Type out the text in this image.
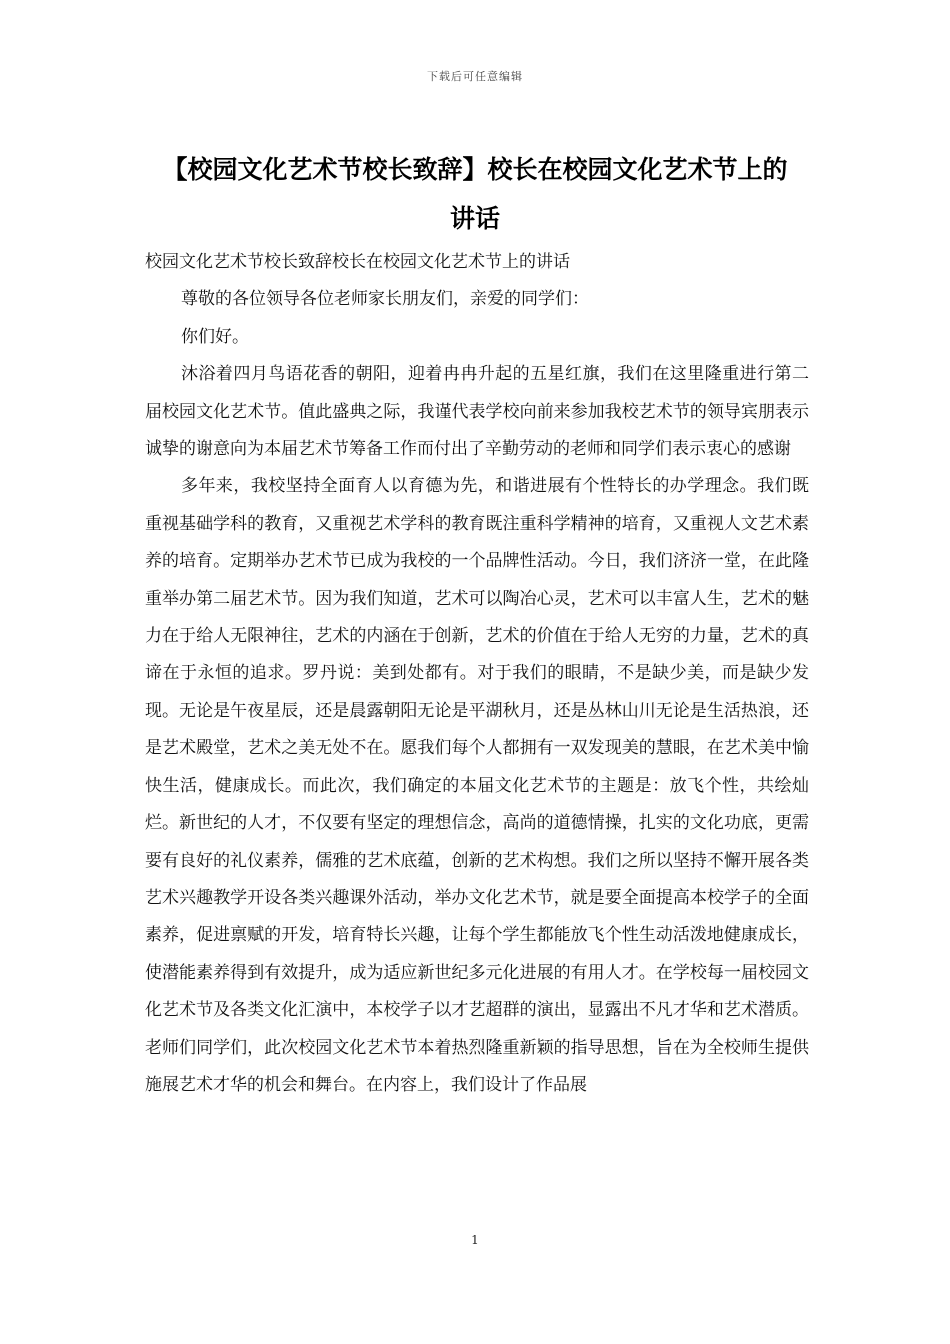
下载后可任意编辑
【校园文化艺术节校长致辞】校长在校园文化艺术节上的
讲话

校园文化艺术节校长致辞校长在校园文化艺术节上的讲话

尊敬的各位领导各位老师家长朋友们，亲爱的同学们：

你们好。

沐浴着四月鸟语花香的朝阳，迎着冉冉升起的五星红旗，我们在这里隆重进行第二届校园文化艺术节。值此盛典之际，我谨代表学校向前来参加我校艺术节的领导宾朋表示诚挚的谢意向为本届艺术节筹备工作而付出了辛勤劳动的老师和同学们表示衷心的感谢

多年来，我校坚持全面育人以育德为先，和谐进展有个性特长的办学理念。我们既重视基础学科的教育，又重视艺术学科的教育既注重科学精神的培育，又重视人文艺术素养的培育。定期举办艺术节已成为我校的一个品牌性活动。今日，我们济济一堂，在此隆重举办第二届艺术节。因为我们知道，艺术可以陶冶心灵，艺术可以丰富人生，艺术的魅力在于给人无限神往，艺术的内涵在于创新，艺术的价值在于给人无穷的力量，艺术的真谛在于永恒的追求。罗丹说：美到处都有。对于我们的眼睛，不是缺少美，而是缺少发现。无论是午夜星辰，还是晨露朝阳无论是平湖秋月，还是丛林山川无论是生活热浪，还是艺术殿堂，艺术之美无处不在。愿我们每个人都拥有一双发现美的慧眼，在艺术美中愉快生活，健康成长。而此次，我们确定的本届文化艺术节的主题是：放飞个性，共绘灿烂。新世纪的人才，不仅要有坚定的理想信念，高尚的道德情操，扎实的文化功底，更需要有良好的礼仪素养，儒雅的艺术底蕴，创新的艺术构想。我们之所以坚持不懈开展各类艺术兴趣教学开设各类兴趣课外活动，举办文化艺术节，就是要全面提高本校学子的全面素养，促进禀赋的开发，培育特长兴趣，让每个学生都能放飞个性生动活泼地健康成长，使潜能素养得到有效提升，成为适应新世纪多元化进展的有用人才。在学校每一届校园文化艺术节及各类文化汇演中，本校学子以才艺超群的演出，显露出不凡才华和艺术潜质。老师们同学们，此次校园文化艺术节本着热烈隆重新颖的指导思想，旨在为全校师生提供施展艺术才华的机会和舞台。在内容上，我们设计了作品展

1
